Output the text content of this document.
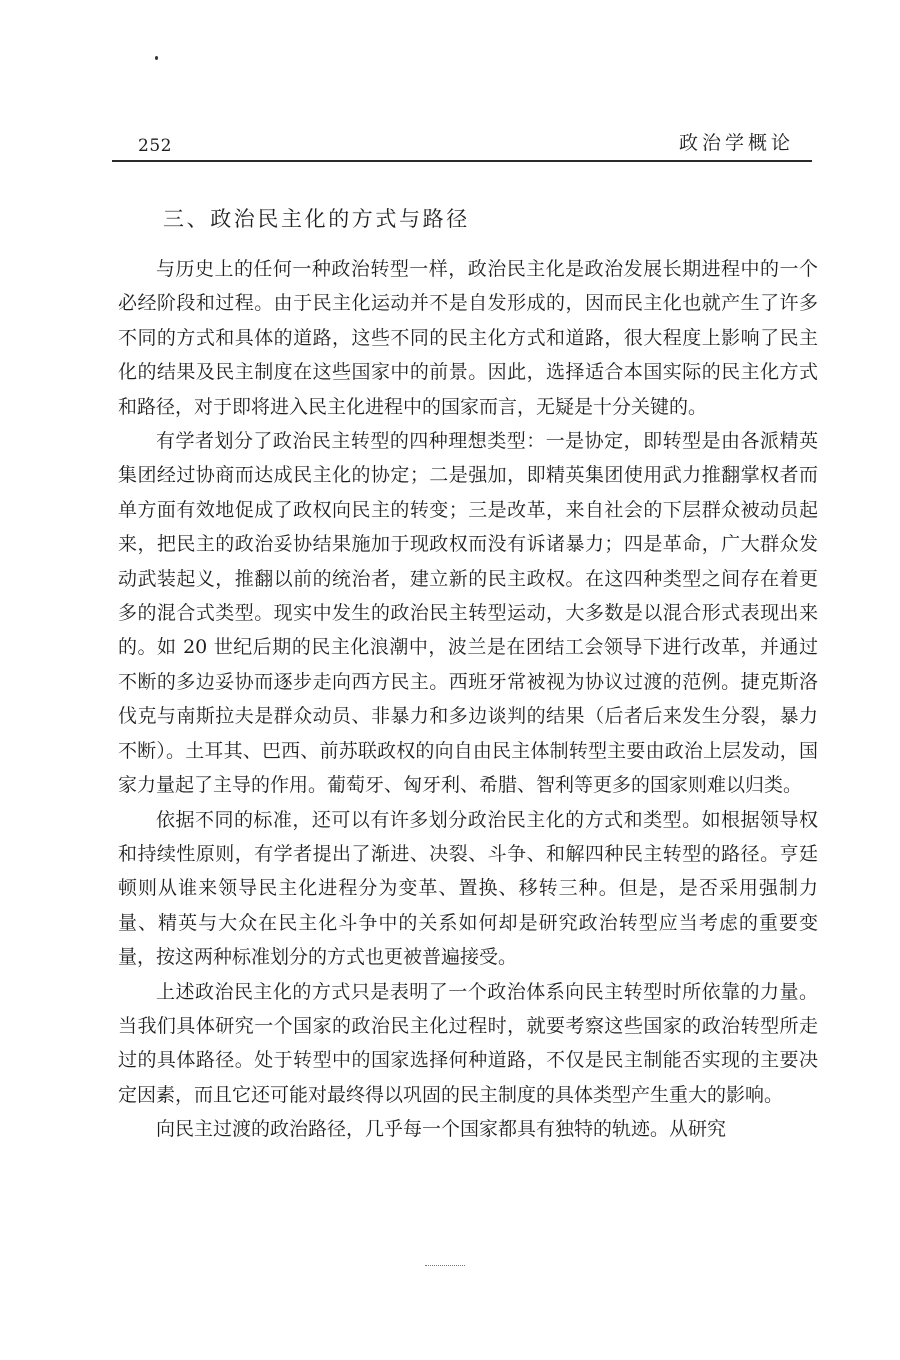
252	政治学概论
三、政治民主化的方式与路径

与历史上的任何一种政治转型一样，政治民主化是政治发展长期进程中的一个必经阶段和过程。由于民主化运动并不是自发形成的，因而民主化也就产生了许多不同的方式和具体的道路，这些不同的民主化方式和道路，很大程度上影响了民主化的结果及民主制度在这些国家中的前景。因此，选择适合本国实际的民主化方式和路径，对于即将进入民主化进程中的国家而言，无疑是十分关键的。

有学者划分了政治民主转型的四种理想类型：一是协定，即转型是由各派精英集团经过协商而达成民主化的协定；二是强加，即精英集团使用武力推翻掌权者而单方面有效地促成了政权向民主的转变；三是改革，来自社会的下层群众被动员起来，把民主的政治妥协结果施加于现政权而没有诉诸暴力；四是革命，广大群众发动武装起义，推翻以前的统治者，建立新的民主政权。在这四种类型之间存在着更多的混合式类型。现实中发生的政治民主转型运动，大多数是以混合形式表现出来的。如 20 世纪后期的民主化浪潮中，波兰是在团结工会领导下进行改革，并通过不断的多边妥协而逐步走向西方民主。西班牙常被视为协议过渡的范例。捷克斯洛伐克与南斯拉夫是群众动员、非暴力和多边谈判的结果（后者后来发生分裂，暴力不断）。土耳其、巴西、前苏联政权的向自由民主体制转型主要由政治上层发动，国家力量起了主导的作用。葡萄牙、匈牙利、希腊、智利等更多的国家则难以归类。

依据不同的标准，还可以有许多划分政治民主化的方式和类型。如根据领导权和持续性原则，有学者提出了渐进、决裂、斗争、和解四种民主转型的路径。亨廷顿则从谁来领导民主化进程分为变革、置换、移转三种。但是，是否采用强制力量、精英与大众在民主化斗争中的关系如何却是研究政治转型应当考虑的重要变量，按这两种标准划分的方式也更被普遍接受。

上述政治民主化的方式只是表明了一个政治体系向民主转型时所依靠的力量。当我们具体研究一个国家的政治民主化过程时，就要考察这些国家的政治转型所走过的具体路径。处于转型中的国家选择何种道路，不仅是民主制能否实现的主要决定因素，而且它还可能对最终得以巩固的民主制度的具体类型产生重大的影响。

向民主过渡的政治路径，几乎每一个国家都具有独特的轨迹。从研究
